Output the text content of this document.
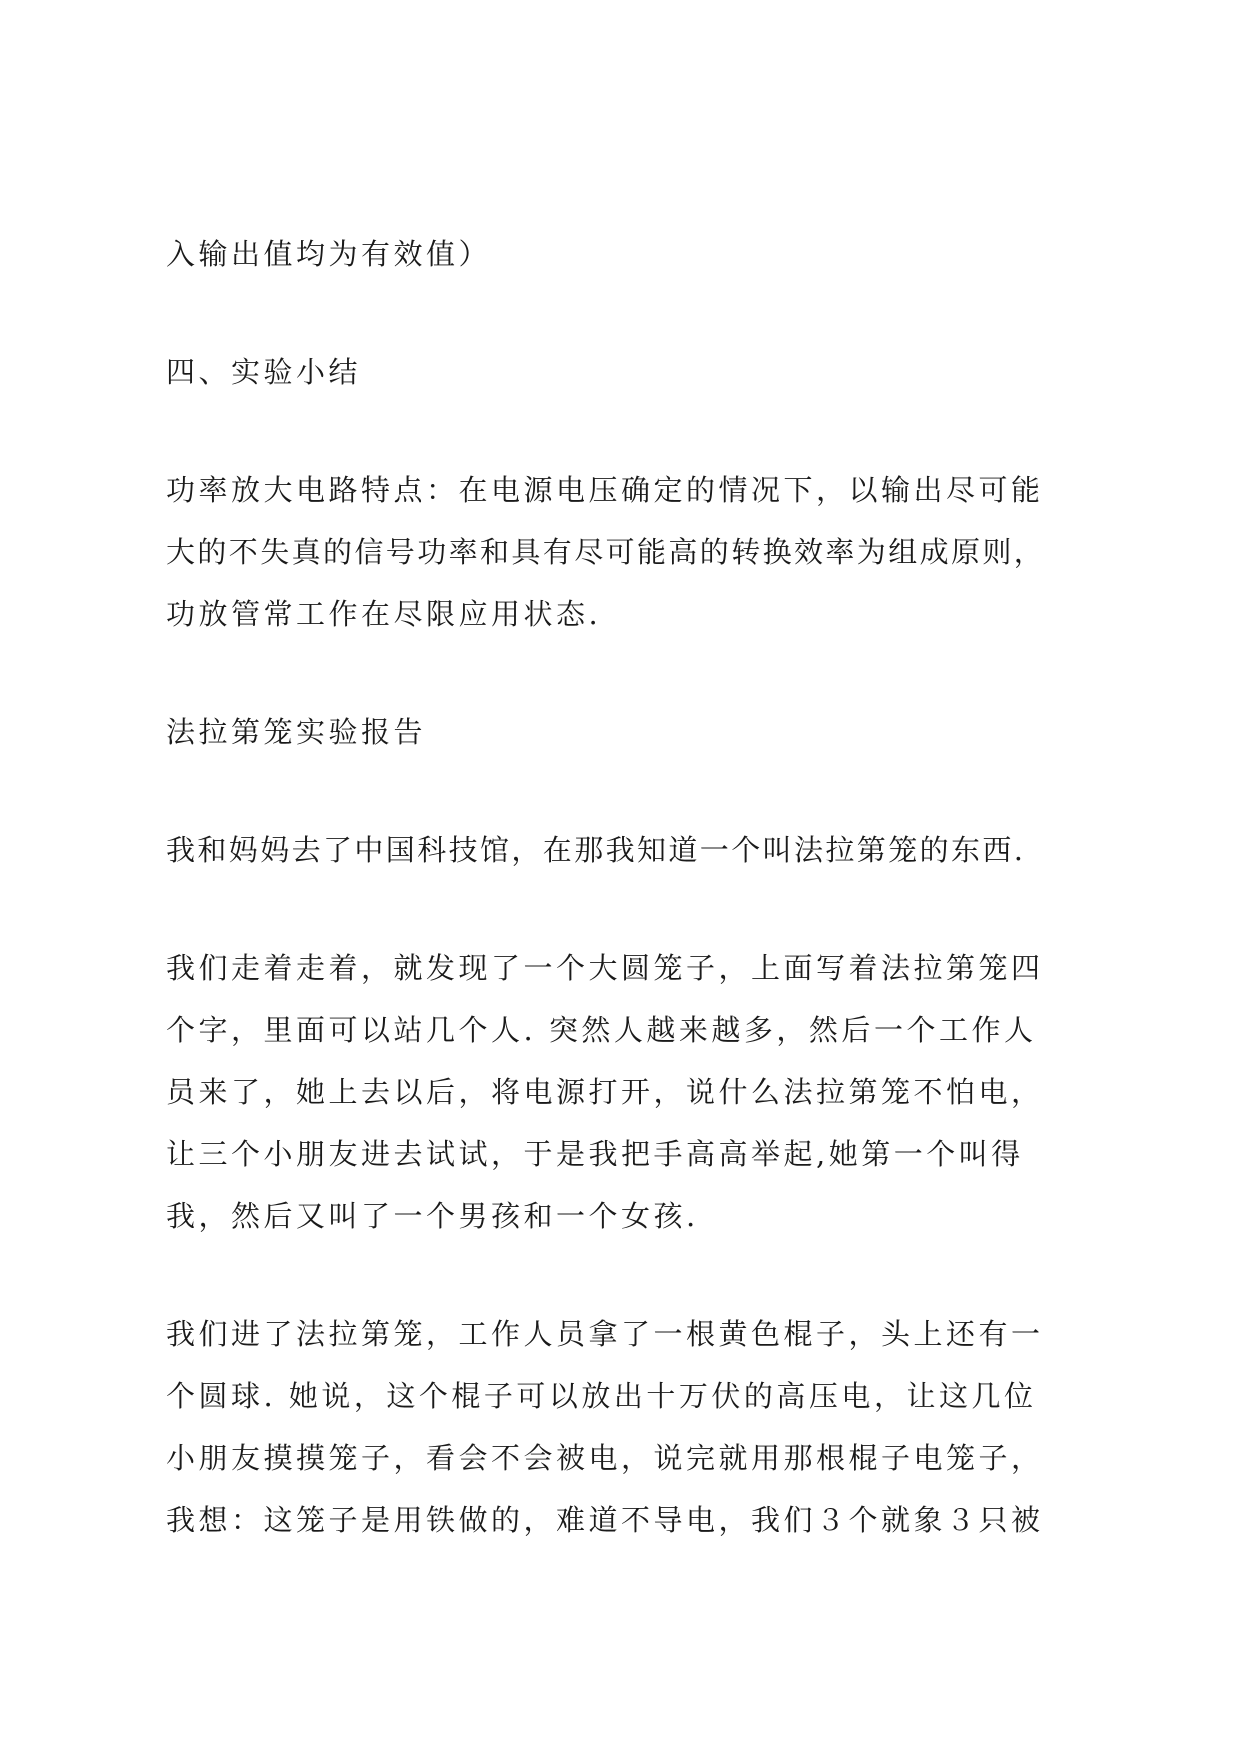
入输出值均为有效值）

四、实验小结

功率放大电路特点：在电源电压确定的情况下，以输出尽可能

大的不失真的信号功率和具有尽可能高的转换效率为组成原则，

功放管常工作在尽限应用状态.

法拉第笼实验报告

我和妈妈去了中国科技馆，在那我知道一个叫法拉第笼的东西.

我们走着走着，就发现了一个大圆笼子，上面写着法拉第笼四

个字，里面可以站几个人. 突然人越来越多，然后一个工作人

员来了，她上去以后，将电源打开，说什么法拉第笼不怕电，

让三个小朋友进去试试，于是我把手高高举起,她第一个叫得

我，然后又叫了一个男孩和一个女孩.

我们进了法拉第笼，工作人员拿了一根黄色棍子，头上还有一

个圆球. 她说，这个棍子可以放出十万伏的高压电，让这几位

小朋友摸摸笼子，看会不会被电，说完就用那根棍子电笼子，

我想：这笼子是用铁做的，难道不导电，我们３个就象３只被
